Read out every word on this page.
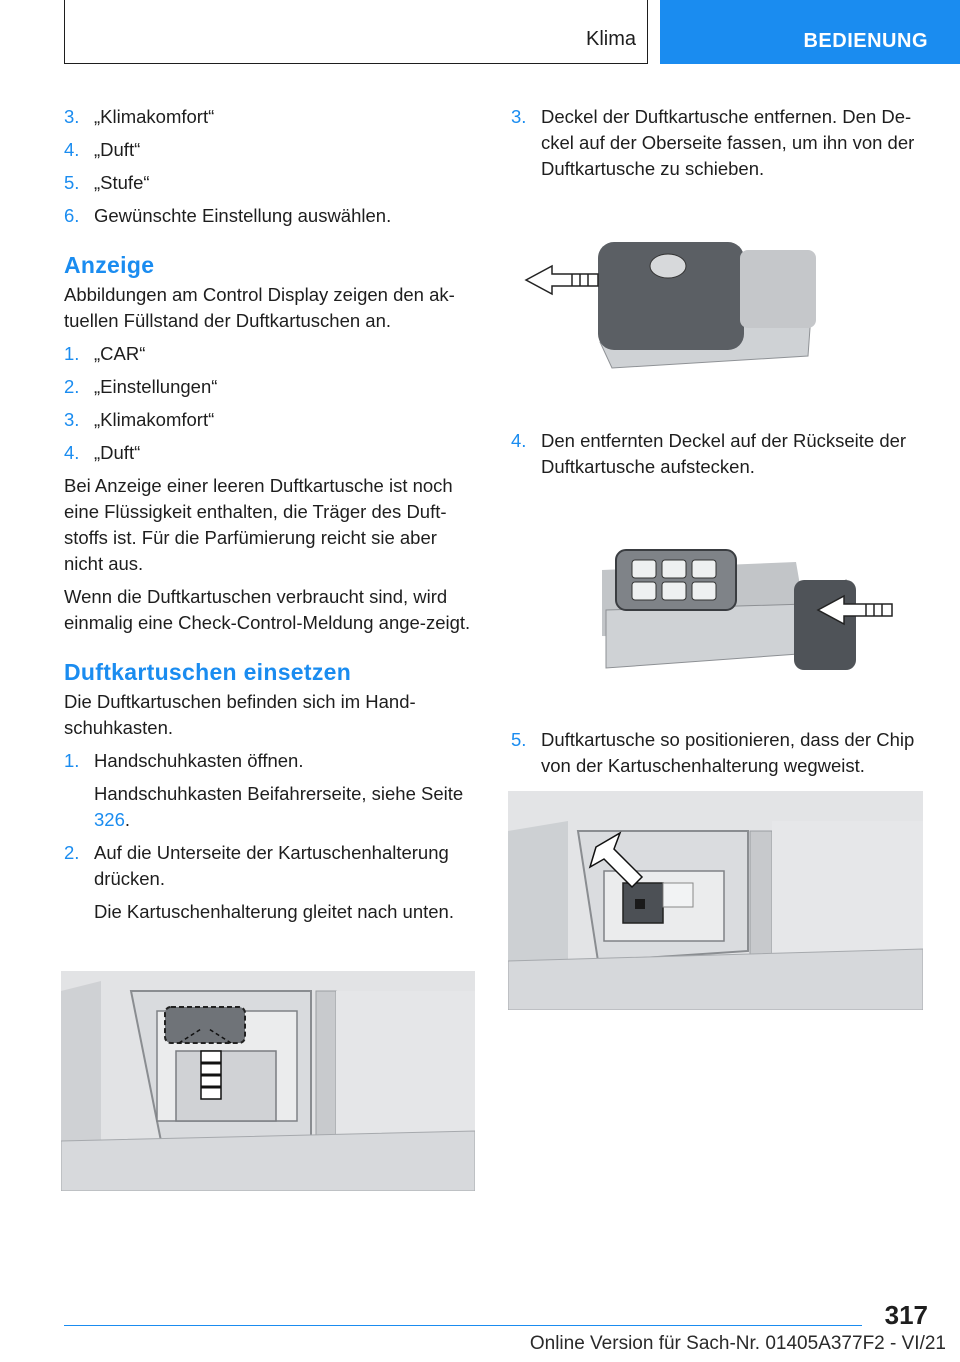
Klima	BEDIENUNG
3. „Klimakomfort“
4. „Duft“
5. „Stufe“
6. Gewünschte Einstellung auswählen.
Anzeige
Abbildungen am Control Display zeigen den ak-tuellen Füllstand der Duftkartuschen an.
1. „CAR“
2. „Einstellungen“
3. „Klimakomfort“
4. „Duft“
Bei Anzeige einer leeren Duftkartusche ist noch eine Flüssigkeit enthalten, die Träger des Duft-stoffs ist. Für die Parfümierung reicht sie aber nicht aus.
Wenn die Duftkartuschen verbraucht sind, wird einmalig eine Check-Control-Meldung ange-zeigt.
Duftkartuschen einsetzen
Die Duftkartuschen befinden sich im Hand-schuhkasten.
1. Handschuhkasten öffnen.
Handschuhkasten Beifahrerseite, siehe Seite 326.
2. Auf die Unterseite der Kartuschenhalterung drücken.
Die Kartuschenhalterung gleitet nach unten.
3. Deckel der Duftkartusche entfernen. Den De-ckel auf der Oberseite fassen, um ihn von der Duftkartusche zu schieben.
4. Den entfernten Deckel auf der Rückseite der Duftkartusche aufstecken.
5. Duftkartusche so positionieren, dass der Chip von der Kartuschenhalterung wegweist.
317
Online Version für Sach-Nr. 01405A377F2 - VI/21
